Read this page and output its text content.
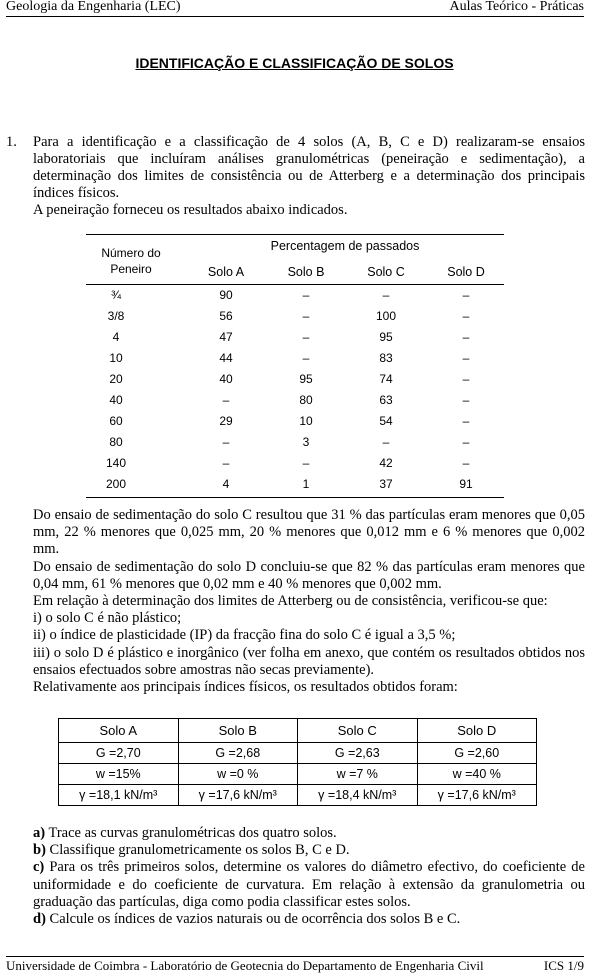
Geologia da Engenharia (LEC)	Aulas Teórico - Práticas
IDENTIFICAÇÃO E CLASSIFICAÇÃO DE SOLOS
1. Para a identificação e a classificação de 4 solos (A, B, C e D) realizaram-se ensaios laboratoriais que incluíram análises granulométricas (peneiração e sedimentação), a determinação dos limites de consistência ou de Atterberg e a determinação dos principais índices físicos.
A peneiração forneceu os resultados abaixo indicados.
Número do
Peneiro
Percentagem de passados
Solo A	Solo B	Solo C	Solo D
¾	90	–	–	–
3/8	56	–	100	–
4	47	–	95	–
10	44	–	83	–
20	40	95	74	–
40	–	80	63	–
60	29	10	54	–
80	–	3	–	–
140	–	–	42	–
200	4	1	37	91
Do ensaio de sedimentação do solo C resultou que 31 % das partículas eram menores que 0,05 mm, 22 % menores que 0,025 mm, 20 % menores que 0,012 mm e 6 % menores que 0,002 mm.
Do ensaio de sedimentação do solo D concluiu-se que 82 % das partículas eram menores que 0,04 mm, 61 % menores que 0,02 mm e 40 % menores que 0,002 mm.
Em relação à determinação dos limites de Atterberg ou de consistência, verificou-se que:
i) o solo C é não plástico;
ii) o índice de plasticidade (IP) da fracção fina do solo C é igual a 3,5 %;
iii) o solo D é plástico e inorgânico (ver folha em anexo, que contém os resultados obtidos nos ensaios efectuados sobre amostras não secas previamente).
Relativamente aos principais índices físicos, os resultados obtidos foram:
Solo A	Solo B	Solo C	Solo D
G =2,70	G =2,68	G =2,63	G =2,60
w =15%	w =0 %	w =7 %	w =40 %
γ =18,1 kN/m³	γ =17,6 kN/m³	γ =18,4 kN/m³	γ =17,6 kN/m³
a) Trace as curvas granulométricas dos quatro solos.
b) Classifique granulometricamente os solos B, C e D.
c) Para os três primeiros solos, determine os valores do diâmetro efectivo, do coeficiente de uniformidade e do coeficiente de curvatura. Em relação à extensão da granulometria ou graduação das partículas, diga como podia classificar estes solos.
d) Calcule os índices de vazios naturais ou de ocorrência dos solos B e C.
Universidade de Coimbra - Laboratório de Geotecnia do Departamento de Engenharia Civil	ICS 1/9
